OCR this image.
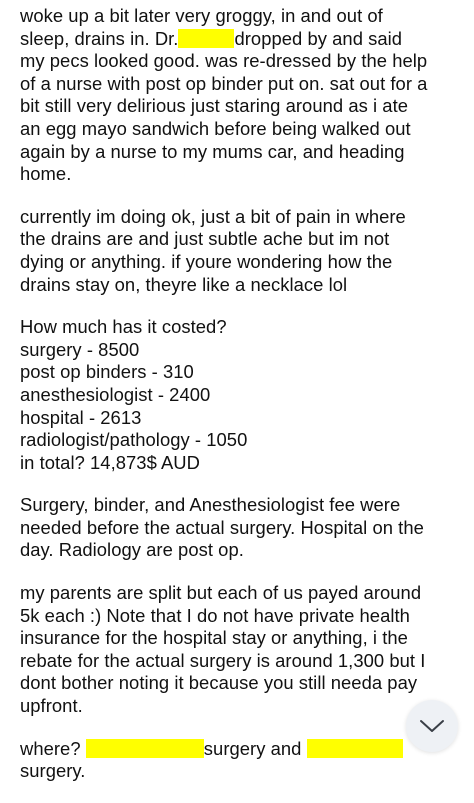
woke up a bit later very groggy, in and out of
sleep, drains in. Dr.	dropped by and said
my pecs looked good. was re-dressed by the help
of a nurse with post op binder put on. sat out for a
bit still very delirious just staring around as i ate
an egg mayo sandwich before being walked out
again by a nurse to my mums car, and heading
home.
currently im doing ok, just a bit of pain in where
the drains are and just subtle ache but im not
dying or anything. if youre wondering how the
drains stay on, theyre like a necklace lol
How much has it costed?
surgery - 8500
post op binders - 310
anesthesiologist - 2400
hospital - 2613
radiologist/pathology - 1050
in total? 14,873$ AUD
Surgery, binder, and Anesthesiologist fee were
needed before the actual surgery. Hospital on the
day. Radiology are post op.
my parents are split but each of us payed around
5k each :) Note that I do not have private health
insurance for the hospital stay or anything, i the
rebate for the actual surgery is around 1,300 but I
dont bother noting it because you still needa pay
upfront.
where?	surgery and
surgery.
